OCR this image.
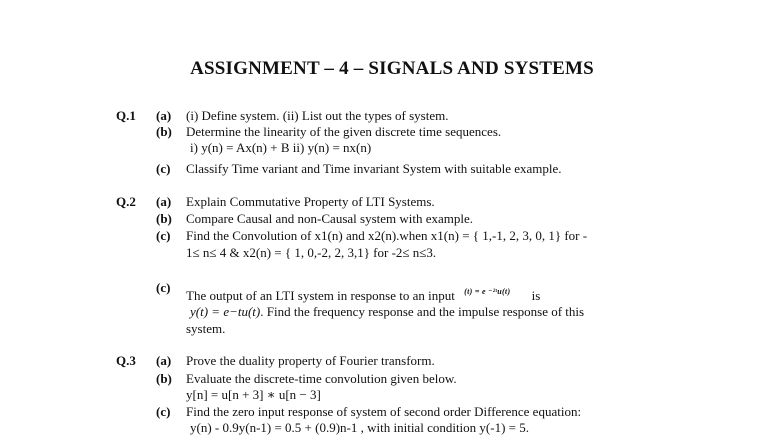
ASSIGNMENT – 4 – SIGNALS AND SYSTEMS
Q.1 (a) (i) Define system. (ii) List out the types of system.
(b) Determine the linearity of the given discrete time sequences.
i) y(n) = Ax(n) + B ii) y(n) = nx(n)
(c) Classify Time variant and Time invariant System with suitable example.
Q.2 (a) Explain Commutative Property of LTI Systems.
(b) Compare Causal and non-Causal system with example.
(c) Find the Convolution of x1(n) and x2(n).when x1(n) = { 1,-1, 2, 3, 0, 1} for -
1≤ n≤ 4 & x2(n) = { 1, 0,-2, 2, 3,1} for -2≤ n≤3.
(c)
The output of an LTI system in response to an input $^{(t) = e ^{-2}ᵗu(t)}$ is
y(t) = e−tu(t). Find the frequency response and the impulse response of this
system.
Q.3 (a) Prove the duality property of Fourier transform.
(b) Evaluate the discrete-time convolution given below.
y[n] = u[n + 3] ∗ u[n − 3]
(c) Find the zero input response of system of second order Difference equation:
y(n) - 0.9y(n-1) = 0.5 + (0.9)n-1 , with initial condition y(-1) = 5.
